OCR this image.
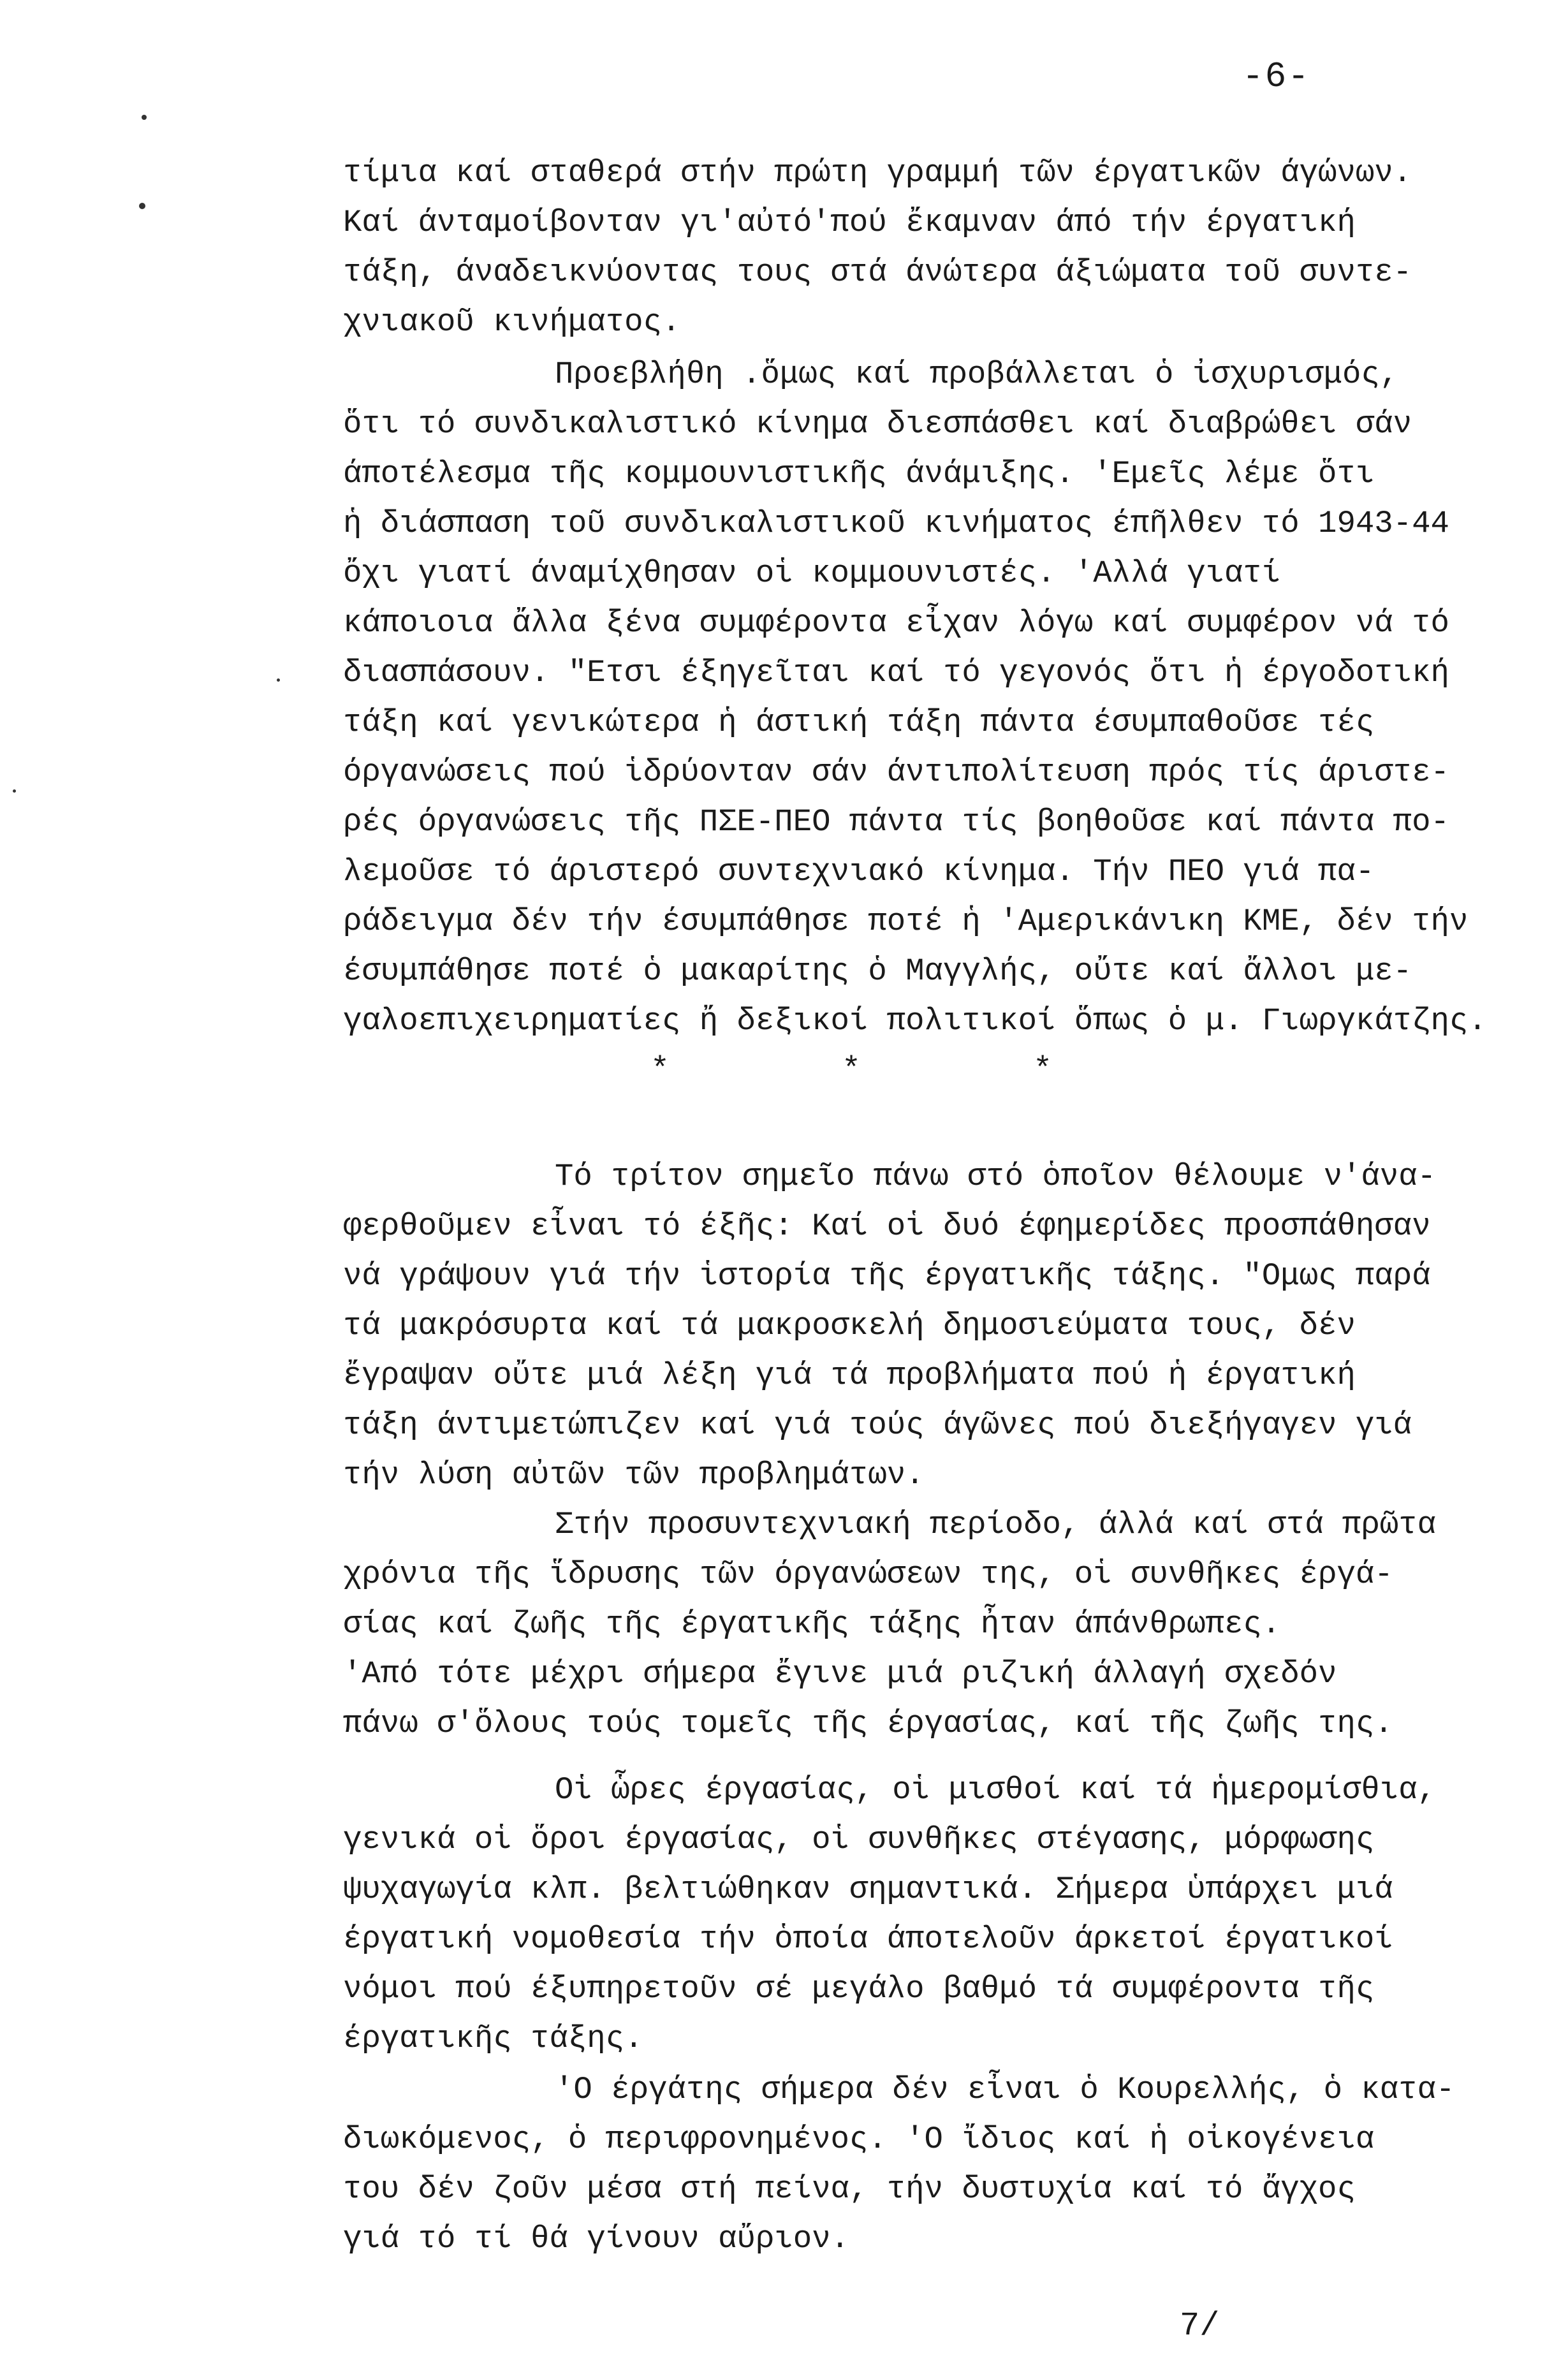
-6-
τίμια καί σταθερά στήν πρώτη γραμμή τῶν έργατικῶν άγώνων.
Καί άνταμοίβονταν γι'αὐτό'πού ἔκαμναν άπό τήν έργατική
τάξη, άναδεικνύοντας τους στά άνώτερα άξιώματα τοῦ συντε-
χνιακοῦ κινήματος.
Προεβλήθη .ὅμως καί προβάλλεται ὁ ἰσχυρισμός,
ὅτι τό συνδικαλιστικό κίνημα διεσπάσθει καί διαβρώθει σάν
άποτέλεσμα τῆς κομμουνιστικῆς άνάμιξης. 'Εμεῖς λέμε ὅτι
ἡ διάσπαση τοῦ συνδικαλιστικοῦ κινήματος έπῆλθεν τό 1943-44
ὄχι γιατί άναμίχθησαν οἱ κομμουνιστές. 'Αλλά γιατί
κάποιοια ἄλλα ξένα συμφέροντα εἶχαν λόγω καί συμφέρον νά τό
διασπάσουν. "Ετσι έξηγεῖται καί τό γεγονός ὅτι ἡ έργοδοτική
τάξη καί γενικώτερα ἡ άστική τάξη πάντα έσυμπαθοῦσε τές
όργανώσεις πού ἱδρύονταν σάν άντιπολίτευση πρός τίς άριστε-
ρές όργανώσεις τῆς ΠΣΕ-ΠΕΟ πάντα τίς βοηθοῦσε καί πάντα πο-
λεμοῦσε τό άριστερό συντεχνιακό κίνημα. Τήν ΠΕΟ γιά πα-
ράδειγμα δέν τήν έσυμπάθησε ποτέ ἡ 'Αμερικάνικη ΚΜΕ, δέν τήν
έσυμπάθησε ποτέ ὁ μακαρίτης ὁ Μαγγλής, οὔτε καί ἄλλοι με-
γαλοεπιχειρηματίες ἤ δεξικοί πολιτικοί ὅπως ὁ μ. Γιωργκάτζης.
*         *         *
Τό τρίτον σημεῖο πάνω στό ὁποῖον θέλουμε ν'άνα-
φερθοῦμεν εἶναι τό έξῆς: Καί οἱ δυό έφημερίδες προσπάθησαν
νά γράψουν γιά τήν ἱστορία τῆς έργατικῆς τάξης. "Ομως παρά
τά μακρόσυρτα καί τά μακροσκελή δημοσιεύματα τους, δέν
ἔγραψαν οὔτε μιά λέξη γιά τά προβλήματα πού ἡ έργατική
τάξη άντιμετώπιζεν καί γιά τούς άγῶνες πού διεξήγαγεν γιά
τήν λύση αὐτῶν τῶν προβλημάτων.
Στήν προσυντεχνιακή περίοδο, άλλά καί στά πρῶτα
χρόνια τῆς ἵδρυσης τῶν όργανώσεων της, οἱ συνθῆκες έργά-
σίας καί ζωῆς τῆς έργατικῆς τάξης ἦταν άπάνθρωπες.
'Από τότε μέχρι σήμερα ἔγινε μιά ριζική άλλαγή σχεδόν
πάνω σ'ὅλους τούς τομεῖς τῆς έργασίας, καί τῆς ζωῆς της.
Οἱ ὧρες έργασίας, οἱ μισθοί καί τά ἡμερομίσθια,
γενικά οἱ ὅροι έργασίας, οἱ συνθῆκες στέγασης, μόρφωσης
ψυχαγωγία κλπ. βελτιώθηκαν σημαντικά. Σήμερα ὑπάρχει μιά
έργατική νομοθεσία τήν ὁποία άποτελοῦν άρκετοί έργατικοί
νόμοι πού έξυπηρετοῦν σέ μεγάλο βαθμό τά συμφέροντα τῆς
έργατικῆς τάξης.
'Ο έργάτης σήμερα δέν εἶναι ὁ Κουρελλής, ὁ κατα-
διωκόμενος, ὁ περιφρονημένος. 'Ο ἴδιος καί ἡ οἰκογένεια
του δέν ζοῦν μέσα στή πείνα, τήν δυστυχία καί τό ἄγχος
γιά τό τί θά γίνουν αὔριον.
7/
